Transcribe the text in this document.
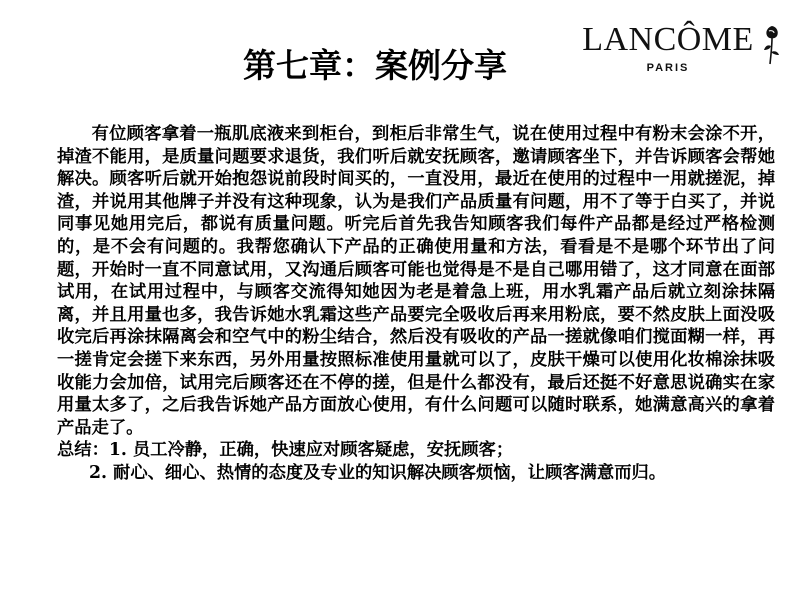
LANCÔME
PARIS
第七章：案例分享

有位顾客拿着一瓶肌底液来到柜台，到柜后非常生气，说在使用过程中有粉末会涂不开，掉渣不能用，是质量问题要求退货，我们听后就安抚顾客，邀请顾客坐下，并告诉顾客会帮她解决。顾客听后就开始抱怨说前段时间买的，一直没用，最近在使用的过程中一用就搓泥，掉渣，并说用其他牌子并没有这种现象，认为是我们产品质量有问题，用不了等于白买了，并说同事见她用完后，都说有质量问题。听完后首先我告知顾客我们每件产品都是经过严格检测的，是不会有问题的。我帮您确认下产品的正确使用量和方法，看看是不是哪个环节出了问题，开始时一直不同意试用，又沟通后顾客可能也觉得是不是自己哪用错了，这才同意在面部试用，在试用过程中，与顾客交流得知她因为老是着急上班，用水乳霜产品后就立刻涂抹隔离，并且用量也多，我告诉她水乳霜这些产品要完全吸收后再来用粉底，要不然皮肤上面没吸收完后再涂抹隔离会和空气中的粉尘结合，然后没有吸收的产品一搓就像咱们搅面糊一样，再一搓肯定会搓下来东西，另外用量按照标准使用量就可以了，皮肤干燥可以使用化妆棉涂抹吸收能力会加倍，试用完后顾客还在不停的搓，但是什么都没有，最后还挺不好意思说确实在家用量太多了，之后我告诉她产品方面放心使用，有什么问题可以随时联系，她满意高兴的拿着产品走了。

总结：1. 员工冷静，正确，快速应对顾客疑虑，安抚顾客；

2. 耐心、细心、热情的态度及专业的知识解决顾客烦恼，让顾客满意而归。
